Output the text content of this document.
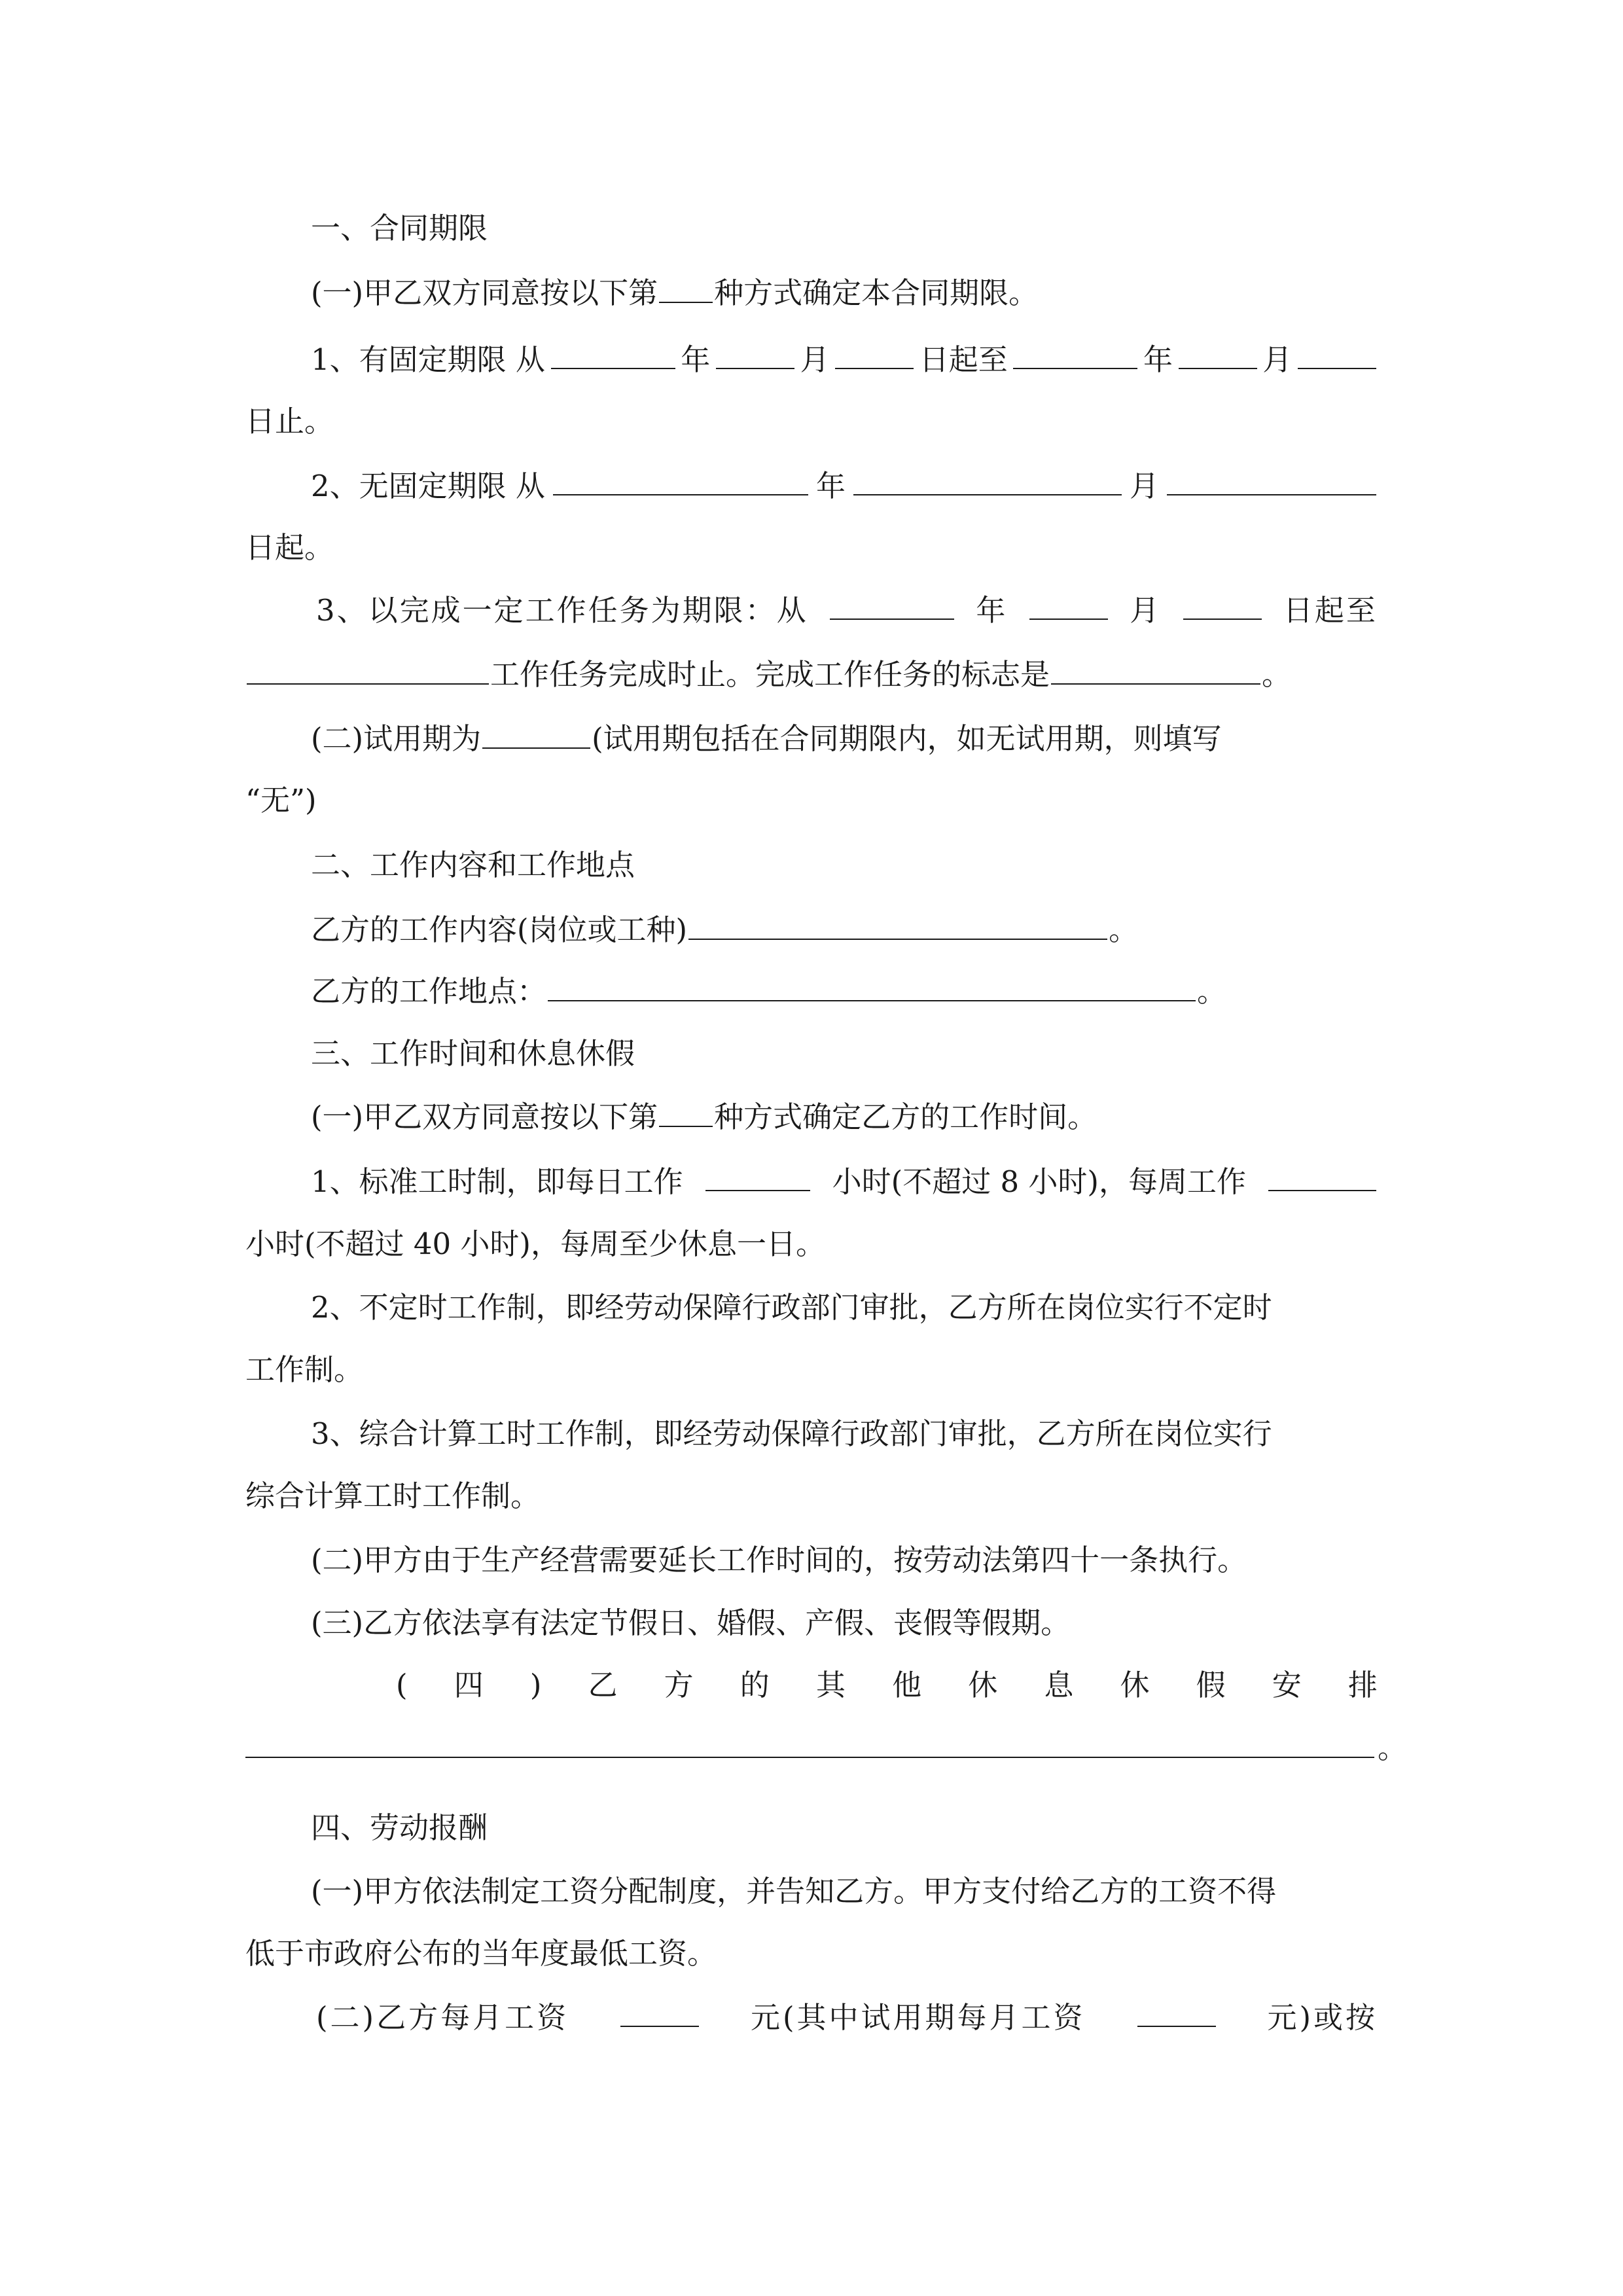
一、合同期限
(一)甲乙双方同意按以下第 种方式确定本合同期限。
1、有固定期限 从	年	月	日起至	年	月
日止。
2、无固定期限 从	年	月
日起。
3、以完成一定工作任务为期限：从	年	月	日起至
工作任务完成时止。完成工作任务的标志是	。
(二)试用期为	(试用期包括在合同期限内，如无试用期，则填写
“无”)
二、工作内容和工作地点
乙方的工作内容(岗位或工种)	。
乙方的工作地点：	。
三、工作时间和休息休假
(一)甲乙双方同意按以下第 种方式确定乙方的工作时间。
1、标准工时制，即每日工作	小时(不超过 8 小时)，每周工作
小时(不超过 40 小时)，每周至少休息一日。
2、不定时工作制，即经劳动保障行政部门审批，乙方所在岗位实行不定时
工作制。
3、综合计算工时工作制，即经劳动保障行政部门审批，乙方所在岗位实行
综合计算工时工作制。
(二)甲方由于生产经营需要延长工作时间的，按劳动法第四十一条执行。
(三)乙方依法享有法定节假日、婚假、产假、丧假等假期。
( 四 ) 乙 方 的 其 他 休 息 休 假 安 排
。
四、劳动报酬
(一)甲方依法制定工资分配制度，并告知乙方。甲方支付给乙方的工资不得
低于市政府公布的当年度最低工资。
(二)乙方每月工资	元(其中试用期每月工资	元)或按
